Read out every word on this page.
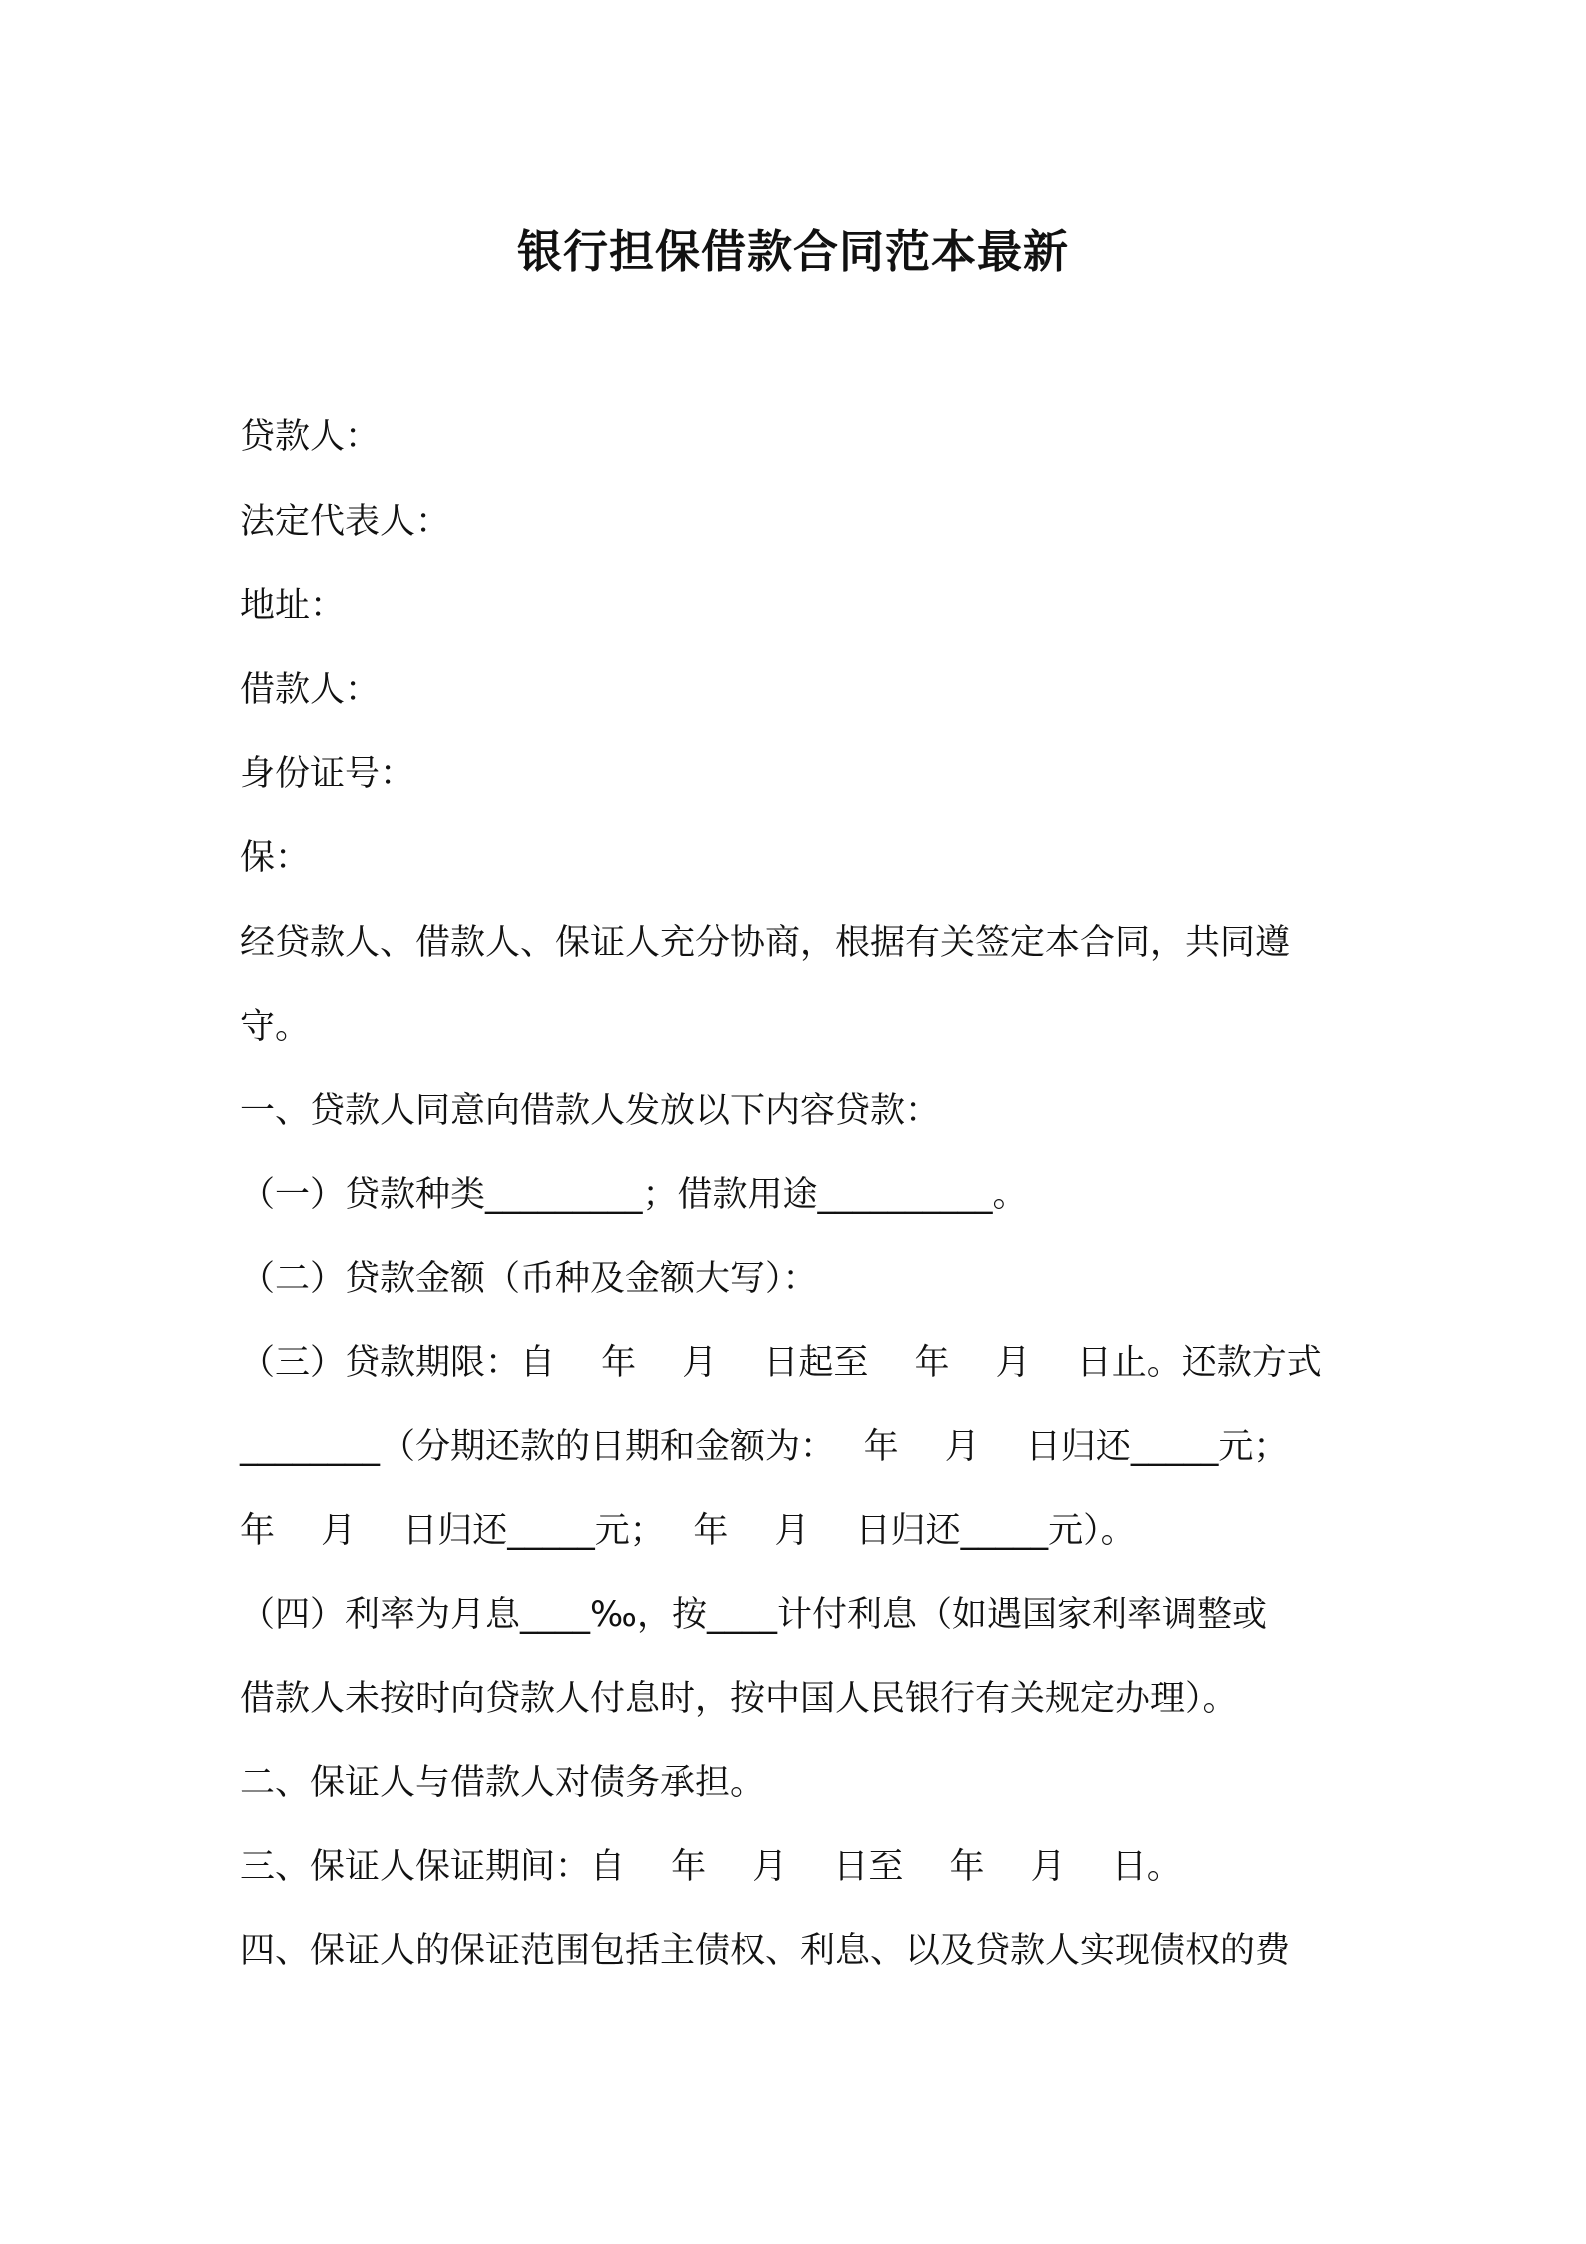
银行担保借款合同范本最新
贷款人：
法定代表人：
地址：
借款人：
身份证号：
保：
经贷款人、借款人、保证人充分协商，根据有关签定本合同，共同遵
守。
一、贷款人同意向借款人发放以下内容贷款：
（一）贷款种类_________；借款用途__________。
（二）贷款金额（币种及金额大写）：
（三）贷款期限：自　 年　 月　 日起至　 年　 月　 日止。还款方式
________（分期还款的日期和金额为：　 年　 月　 日归还_____元；
年　 月　 日归还_____元；　 年　 月　 日归还_____元）。
（四）利率为月息____‰，按____计付利息（如遇国家利率调整或
借款人未按时向贷款人付息时，按中国人民银行有关规定办理）。
二、保证人与借款人对债务承担。
三、保证人保证期间：自　 年　 月　 日至　 年　 月　 日。
四、保证人的保证范围包括主债权、利息、以及贷款人实现债权的费
